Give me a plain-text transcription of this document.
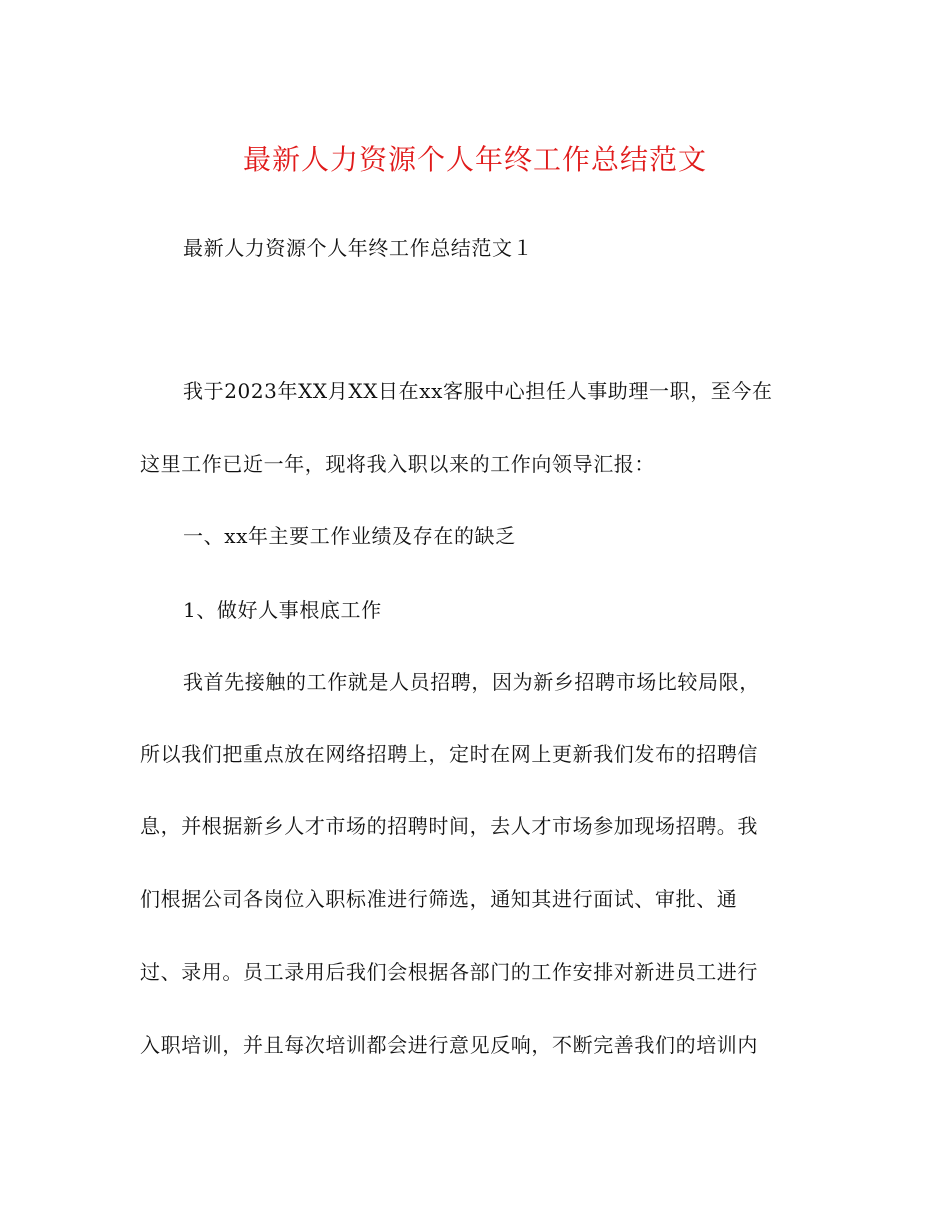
最新人力资源个人年终工作总结范文
最新人力资源个人年终工作总结范文１
我于2023年XX月XX日在xx客服中心担任人事助理一职，至今在
这里工作已近一年，现将我入职以来的工作向领导汇报：
一、xx年主要工作业绩及存在的缺乏
1、做好人事根底工作
我首先接触的工作就是人员招聘，因为新乡招聘市场比较局限，
所以我们把重点放在网络招聘上，定时在网上更新我们发布的招聘信
息，并根据新乡人才市场的招聘时间，去人才市场参加现场招聘。我
们根据公司各岗位入职标准进行筛选，通知其进行面试、审批、通
过、录用。员工录用后我们会根据各部门的工作安排对新进员工进行
入职培训，并且每次培训都会进行意见反响，不断完善我们的培训内
